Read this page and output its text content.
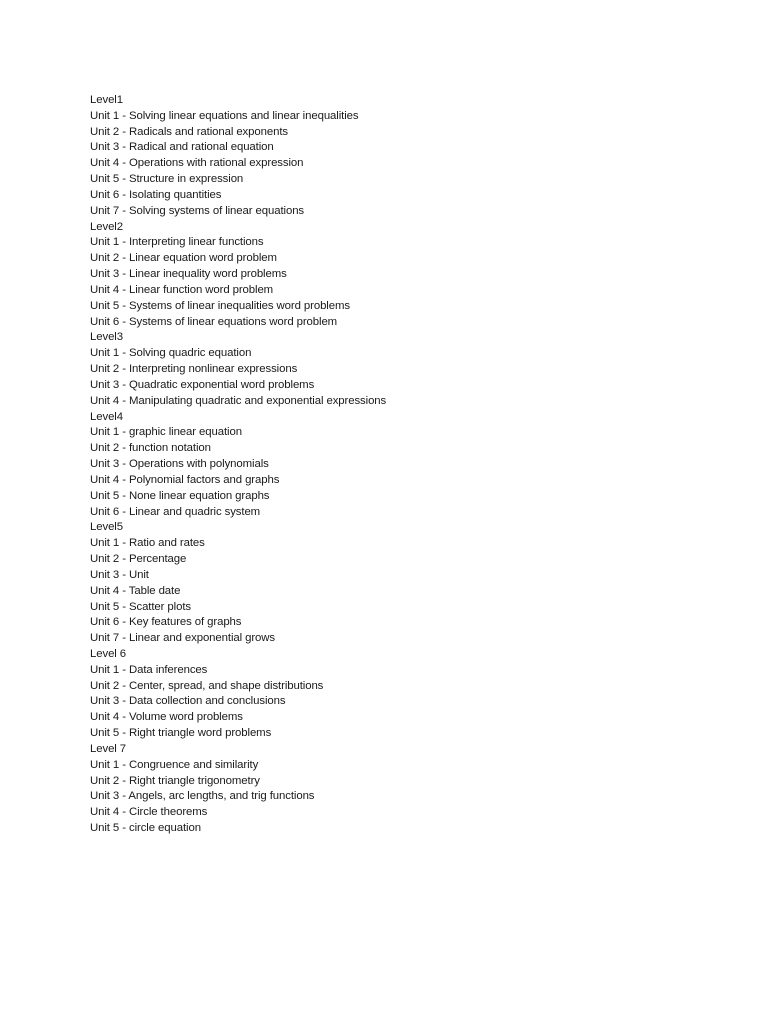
Level1
Unit 1 - Solving linear equations and linear inequalities
Unit 2 - Radicals and rational exponents
Unit 3 - Radical and rational equation
Unit 4 - Operations with rational expression
Unit 5 - Structure in expression
Unit 6 - Isolating quantities
Unit 7 - Solving systems of linear equations
Level2
Unit 1 - Interpreting linear functions
Unit 2 - Linear equation word problem
Unit 3 - Linear inequality word problems
Unit 4 - Linear function word problem
Unit 5 - Systems of linear inequalities word problems
Unit 6 - Systems of linear equations word problem
Level3
Unit 1 - Solving quadric equation
Unit 2 - Interpreting nonlinear expressions
Unit 3 - Quadratic exponential word problems
Unit 4 - Manipulating quadratic and exponential expressions
Level4
Unit 1 - graphic linear equation
Unit 2 - function notation
Unit 3 - Operations with polynomials
Unit 4 - Polynomial factors and graphs
Unit 5 - None linear equation graphs
Unit 6 - Linear and quadric system
Level5
Unit 1 - Ratio and rates
Unit 2 - Percentage
Unit 3 - Unit
Unit 4 - Table date
Unit 5 - Scatter plots
Unit 6 - Key features of graphs
Unit 7 - Linear and exponential grows
Level 6
Unit 1 - Data inferences
Unit 2 - Center, spread, and shape distributions
Unit 3 - Data collection and conclusions
Unit 4 - Volume word problems
Unit 5 - Right triangle word problems
Level 7
Unit 1 - Congruence and similarity
Unit 2 - Right triangle trigonometry
Unit 3 - Angels, arc lengths, and trig functions
Unit 4 - Circle theorems
Unit 5 - circle equation
